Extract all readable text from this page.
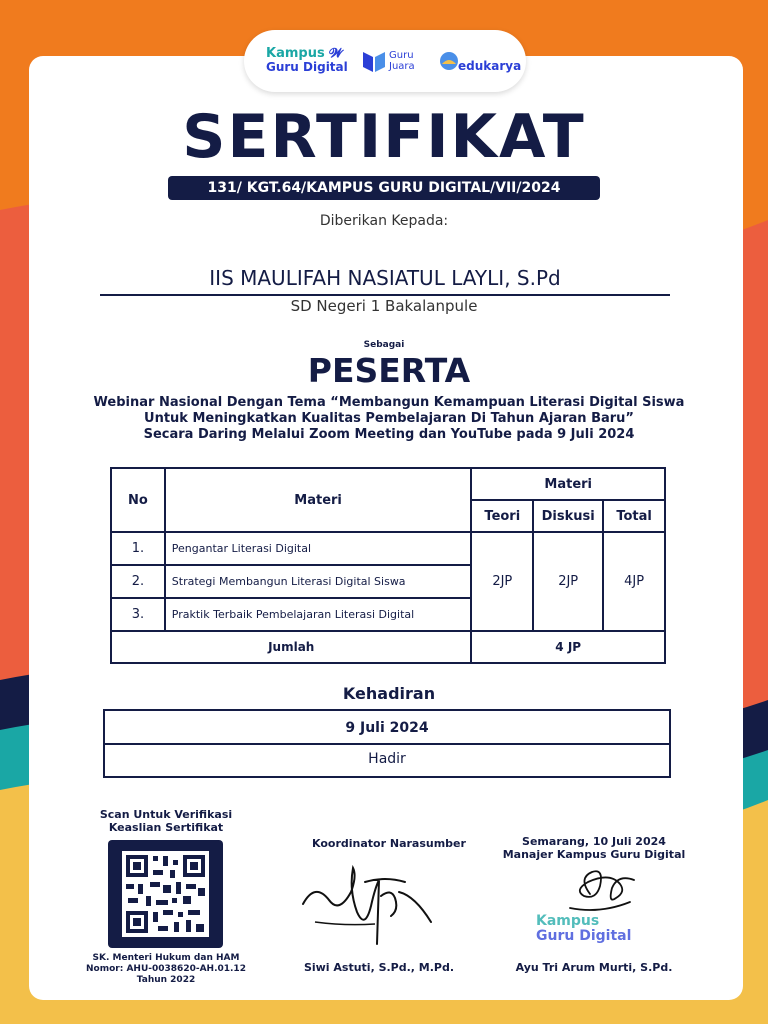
Kampus 𝓦
Guru Digital
Guru
Juara	edukarya
SERTIFIKAT
131/ KGT.64/KAMPUS GURU DIGITAL/VII/2024
Diberikan Kepada:
IIS MAULIFAH NASIATUL LAYLI, S.Pd
SD Negeri 1 Bakalanpule
Sebagai
PESERTA
Webinar Nasional Dengan Tema “Membangun Kemampuan Literasi Digital Siswa
Untuk Meningkatkan Kualitas Pembelajaran Di Tahun Ajaran Baru”
Secara Daring Melalui Zoom Meeting dan YouTube pada 9 Juli 2024
No	Materi	Materi		
		Teori	Diskusi	Total
1.	Pengantar Literasi Digital	2JP	2JP	4JP
2.	Strategi Membangun Literasi Digital Siswa			
3.	Praktik Terbaik Pembelajaran Literasi Digital			
Jumlah		4 JP		
Kehadiran
9 Juli 2024
Hadir
Scan Untuk Verifikasi
Keaslian Sertifikat
SK. Menteri Hukum dan HAM
Nomor: AHU-0038620-AH.01.12
Tahun 2022
Koordinator Narasumber
Siwi Astuti, S.Pd., M.Pd.
Semarang, 10 Juli 2024
Manajer Kampus Guru Digital
Kampus
Guru Digital
Ayu Tri Arum Murti, S.Pd.
